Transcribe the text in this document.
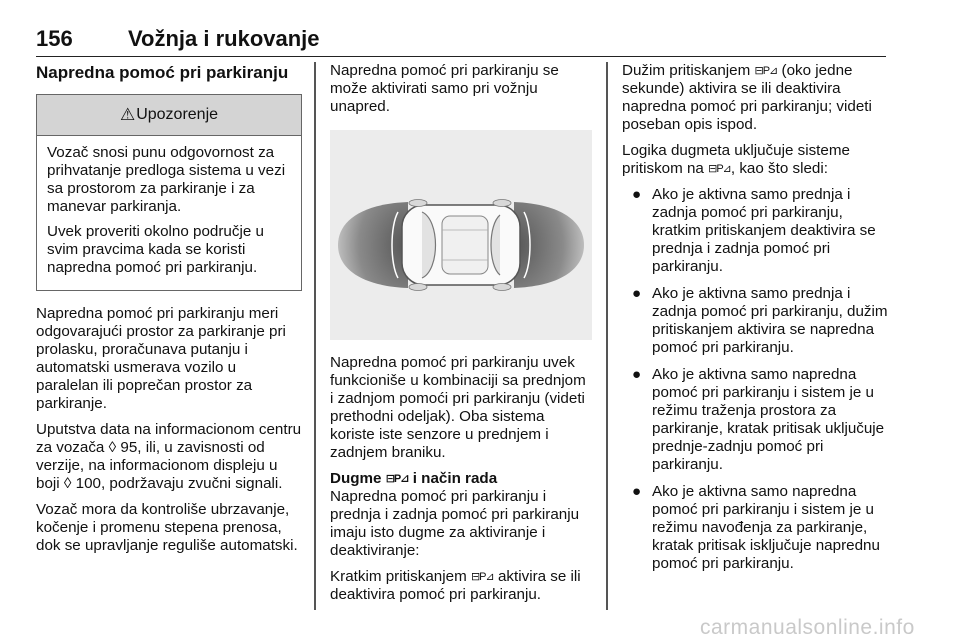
156	Vožnja i rukovanje
Napredna pomoć pri parkiranju
⚠ Upozorenje

Vozač snosi punu odgovornost za prihvatanje predloga sistema u vezi sa prostorom za parkiranje i za manevar parkiranja.

Uvek proveriti okolno područje u svim pravcima kada se koristi napredna pomoć pri parkiranju.

Napredna pomoć pri parkiranju meri odgovarajući prostor za parkiranje pri prolasku, proračunava putanju i automatski usmerava vozilo u paralelan ili poprečan prostor za parkiranje.

Uputstva data na informacionom centru za vozača ◊ 95, ili, u zavisnosti od verzije, na informacionom displeju u boji ◊ 100, podržavaju zvučni signali.

Vozač mora da kontroliše ubrzavanje, kočenje i promenu stepena prenosa, dok se upravljanje reguliše automatski.

Napredna pomoć pri parkiranju se može aktivirati samo pri vožnju unapred.

Napredna pomoć pri parkiranju uvek funkcioniše u kombinaciji sa prednjom i zadnjom pomoći pri parkiranju (videti prethodni odeljak). Oba sistema koriste iste senzore u prednjem i zadnjem braniku.

Dugme ⊟P⊿ i način rada

Napredna pomoć pri parkiranju i prednja i zadnja pomoć pri parkiranju imaju isto dugme za aktiviranje i deaktiviranje:

Kratkim pritiskanjem ⊟P⊿ aktivira se ili deaktivira pomoć pri parkiranju.

Dužim pritiskanjem ⊟P⊿ (oko jedne sekunde) aktivira se ili deaktivira napredna pomoć pri parkiranju; videti poseban opis ispod.

Logika dugmeta uključuje sisteme pritiskom na ⊟P⊿, kao što sledi:

● Ako je aktivna samo prednja i zadnja pomoć pri parkiranju, kratkim pritiskanjem deaktivira se prednja i zadnja pomoć pri parkiranju.
● Ako je aktivna samo prednja i zadnja pomoć pri parkiranju, dužim pritiskanjem aktivira se napredna pomoć pri parkiranju.
● Ako je aktivna samo napredna pomoć pri parkiranju i sistem je u režimu traženja prostora za parkiranje, kratak pritisak uključuje prednje-zadnju pomoć pri parkiranju.
● Ako je aktivna samo napredna pomoć pri parkiranju i sistem je u režimu navođenja za parkiranje, kratak pritisak isključuje naprednu pomoć pri parkiranju.
carmanualsonline.info
